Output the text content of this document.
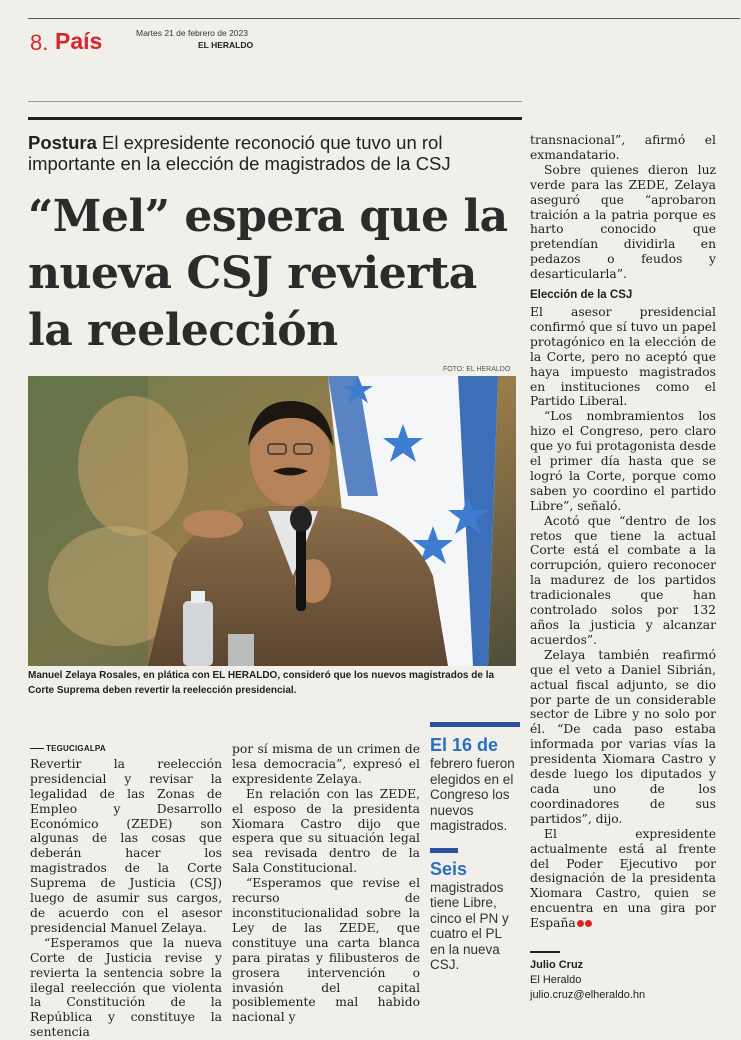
8. País	Martes 21 de febrero de 2023
EL HERALDO
Postura El expresidente reconoció que tuvo un rol importante en la elección de magistrados de la CSJ
“Mel” espera que la nueva CSJ revierta la reelección
FOTO: EL HERALDO
Manuel Zelaya Rosales, en plática con EL HERALDO, consideró que los nuevos magistrados de la Corte Suprema deben revertir la reelección presidencial.
TEGUCIGALPA

Revertir la reelección presidencial y revisar la legalidad de las Zonas de Empleo y Desarrollo Económico (ZEDE) son algunas de las cosas que deberán hacer los magistrados de la Corte Suprema de Justicia (CSJ) luego de asumir sus cargos, de acuerdo con el asesor presidencial Manuel Zelaya.

“Esperamos que la nueva Corte de Justicia revise y revierta la sentencia sobre la ilegal reelección que violenta la Constitución de la República y constituye la sentencia

por sí misma de un crimen de lesa democracia”, expresó el expresidente Zelaya.

En relación con las ZEDE, el esposo de la presidenta Xiomara Castro dijo que espera que su situación legal sea revisada dentro de la Sala Constitucional.

“Esperamos que revise el recurso de inconstitucionalidad sobre la Ley de las ZEDE, que constituye una carta blanca para piratas y filibusteros de grosera intervención o invasión del capital posiblemente mal habido nacional y

El 16 de
febrero fueron elegidos en el Congreso los nuevos magistrados.
Seis
magistrados tiene Libre, cinco el PN y cuatro el PL en la nueva CSJ.

transnacional”, afirmó el exmandatario.

Sobre quienes dieron luz verde para las ZEDE, Zelaya aseguró que “aprobaron traición a la patria porque es harto conocido que pretendían dividirla en pedazos o feudos y desarticularla”.

Elección de la CSJ

El asesor presidencial confirmó que sí tuvo un papel protagónico en la elección de la Corte, pero no aceptó que haya impuesto magistrados en instituciones como el Partido Liberal.

“Los nombramientos los hizo el Congreso, pero claro que yo fui protagonista desde el primer día hasta que se logró la Corte, porque como saben yo coordino el partido Libre”, señaló.

Acotó que “dentro de los retos que tiene la actual Corte está el combate a la corrupción, quiero reconocer la madurez de los partidos tradicionales que han controlado solos por 132 años la justicia y alcanzar acuerdos”.

Zelaya también reafirmó que el veto a Daniel Sibrián, actual fiscal adjunto, se dio por parte de un considerable sector de Libre y no solo por él. “De cada paso estaba informada por varias vías la presidenta Xiomara Castro y desde luego los diputados y cada uno de los coordinadores de sus partidos”, dijo.

El expresidente actualmente está al frente del Poder Ejecutivo por designación de la presidenta Xiomara Castro, quien se encuentra en una gira por España

Julio Cruz
El Heraldo
julio.cruz@elheraldo.hn
